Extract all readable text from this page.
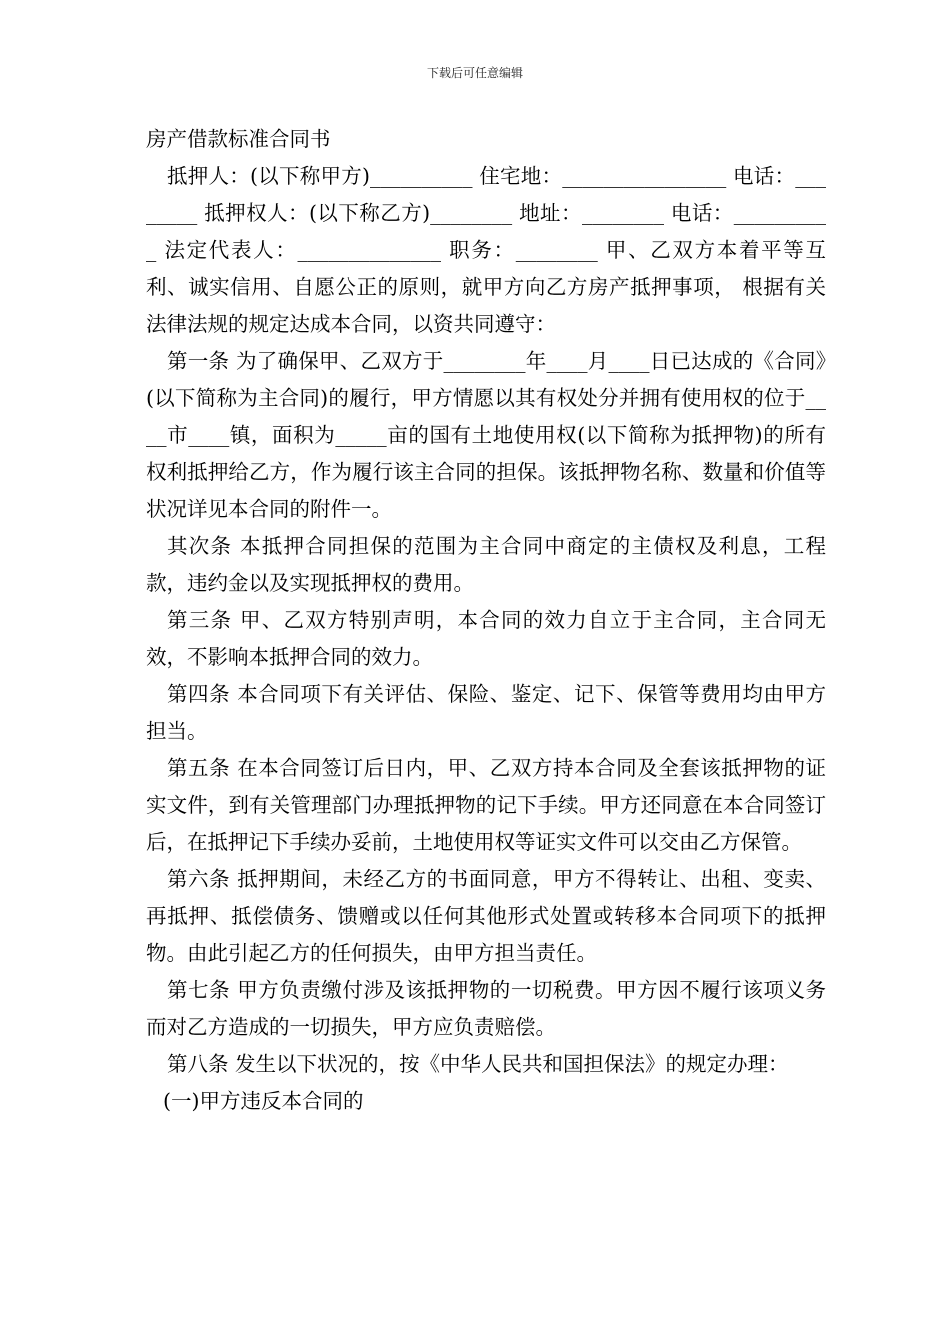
下载后可任意编辑

房产借款标准合同书

抵押人：(以下称甲方)__________ 住宅地：________________ 电话：________ 抵押权人：(以下称乙方)________ 地址：________ 电话：__________ 法定代表人：______________ 职务：________ 甲、乙双方本着平等互利、诚实信用、自愿公正的原则，就甲方向乙方房产抵押事项， 根据有关法律法规的规定达成本合同，以资共同遵守：

第一条 为了确保甲、乙双方于________年____月____日已达成的《合同》(以下简称为主合同)的履行，甲方情愿以其有权处分并拥有使用权的位于____市____镇，面积为_____亩的国有土地使用权(以下简称为抵押物)的所有权利抵押给乙方，作为履行该主合同的担保。该抵押物名称、数量和价值等状况详见本合同的附件一。

其次条 本抵押合同担保的范围为主合同中商定的主债权及利息，工程款，违约金以及实现抵押权的费用。

第三条 甲、乙双方特别声明，本合同的效力自立于主合同，主合同无效，不影响本抵押合同的效力。

第四条 本合同项下有关评估、保险、鉴定、记下、保管等费用均由甲方担当。

第五条 在本合同签订后日内，甲、乙双方持本合同及全套该抵押物的证实文件，到有关管理部门办理抵押物的记下手续。甲方还同意在本合同签订后，在抵押记下手续办妥前，土地使用权等证实文件可以交由乙方保管。

第六条 抵押期间，未经乙方的书面同意，甲方不得转让、出租、变卖、再抵押、抵偿债务、馈赠或以任何其他形式处置或转移本合同项下的抵押物。由此引起乙方的任何损失，由甲方担当责任。

第七条 甲方负责缴付涉及该抵押物的一切税费。甲方因不履行该项义务而对乙方造成的一切损失，甲方应负责赔偿。

第八条 发生以下状况的，按《中华人民共和国担保法》的规定办理：

(一)甲方违反本合同的
